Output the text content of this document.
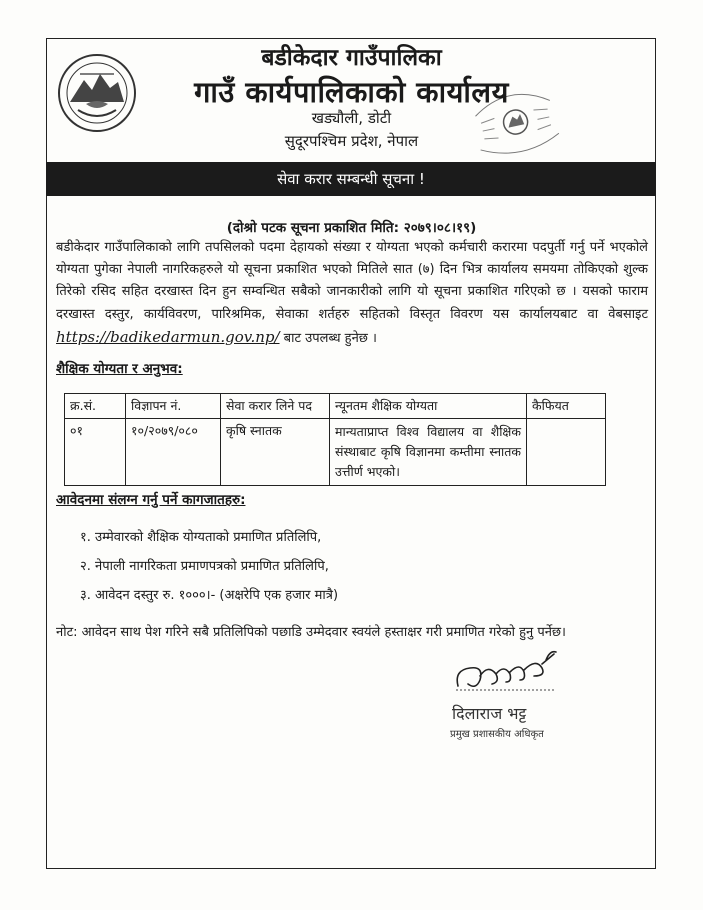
बडीकेदार गाउँपालिका
गाउँ कार्यपालिकाको कार्यालय
खड्यौली, डोटी
सुदूरपश्चिम प्रदेश, नेपाल
सेवा करार सम्बन्धी सूचना !
(दोश्रो पटक सूचना प्रकाशित मिति: २०७९।०८।१९)
बडीकेदार गाउँपालिकाको लागि तपसिलको पदमा देहायको संख्या र योग्यता भएको कर्मचारी करारमा पदपुर्ती गर्नु पर्ने भएकोले योग्यता पुगेका नेपाली नागरिकहरुले यो सूचना प्रकाशित भएको मितिले सात (७) दिन भित्र कार्यालय समयमा तोकिएको शुल्क तिरेको रसिद सहित दरखास्त दिन हुन सम्वन्धित सबैको जानकारीको लागि यो सूचना प्रकाशित गरिएको छ । यसको फाराम दरखास्त दस्तुर, कार्यविवरण, पारिश्रमिक, सेवाका शर्तहरु सहितको विस्तृत विवरण यस कार्यालयबाट वा वेबसाइट https://badikedarmun.gov.np/ बाट उपलब्ध हुनेछ ।
शैक्षिक योग्यता र अनुभव:
क्र.सं.	विज्ञापन नं.	सेवा करार लिने पद	न्यूनतम शैक्षिक योग्यता	कैफियत
०१	१०/२०७९/०८०	कृषि स्नातक	मान्यताप्राप्त विश्व विद्यालय वा शैक्षिक संस्थाबाट कृषि विज्ञानमा कम्तीमा स्नातक उत्तीर्ण भएको।	
आवेदनमा संलग्न गर्नु पर्ने कागजातहरु:
१. उम्मेवारको शैक्षिक योग्यताको प्रमाणित प्रतिलिपि,
२. नेपाली नागरिकता प्रमाणपत्रको प्रमाणित प्रतिलिपि,
३. आवेदन दस्तुर रु. १०००।- (अक्षरेपि एक हजार मात्रै)
नोट: आवेदन साथ पेश गरिने सबै प्रतिलिपिको पछाडि उम्मेदवार स्वयंले हस्ताक्षर गरी प्रमाणित गरेको हुनु पर्नेछ।
दिलाराज भट्ट
प्रमुख प्रशासकीय अधिकृत
